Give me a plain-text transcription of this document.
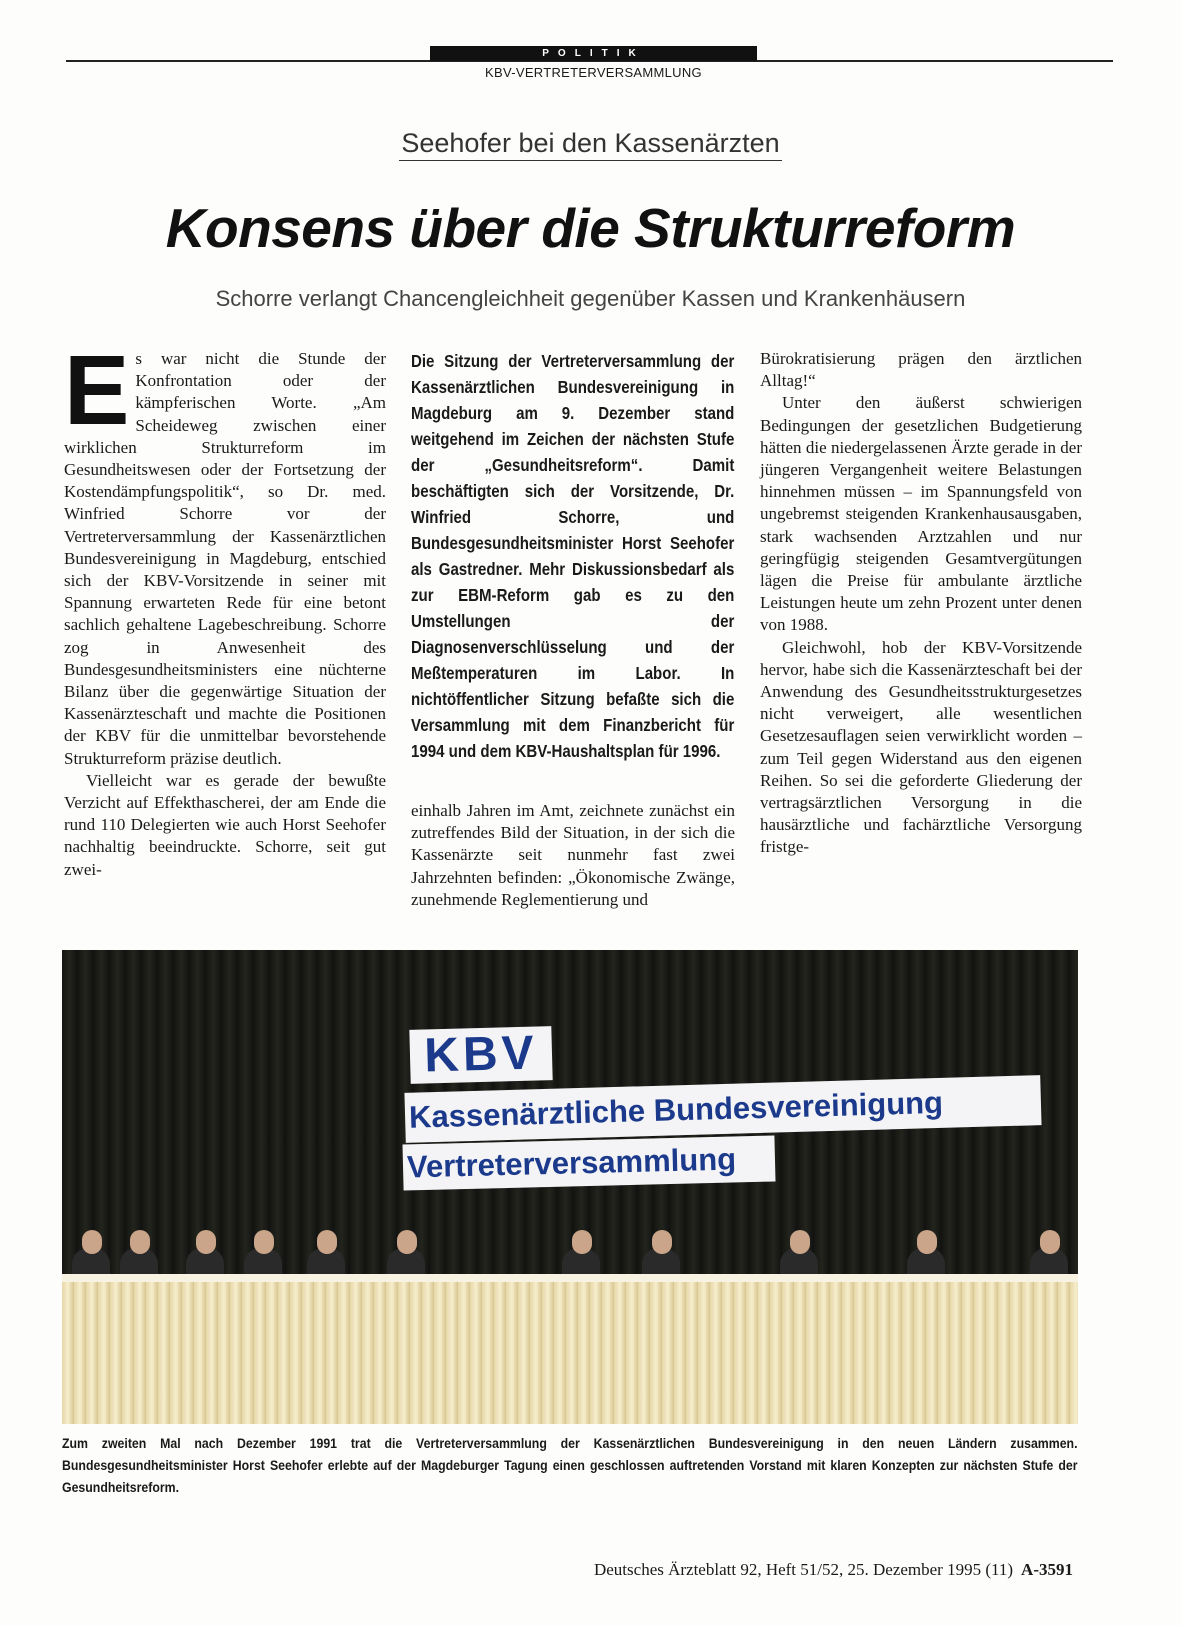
POLITIK
KBV-VERTRETERVERSAMMLUNG
Seehofer bei den Kassenärzten
Konsens über die Strukturreform
Schorre verlangt Chancengleichheit gegenüber Kassen und Krankenhäusern

Es war nicht die Stunde der Konfrontation oder der kämpferischen Worte. „Am Scheideweg zwischen einer wirklichen Strukturreform im Gesundheitswesen oder der Fortsetzung der Kostendämpfungspolitik“, so Dr. med. Winfried Schorre vor der Vertreterversammlung der Kassenärztlichen Bundesvereinigung in Magdeburg, entschied sich der KBV-Vorsitzende in seiner mit Spannung erwarteten Rede für eine betont sachlich gehaltene Lagebeschreibung. Schorre zog in Anwesenheit des Bundesgesundheitsministers eine nüchterne Bilanz über die gegenwärtige Situation der Kassenärzteschaft und machte die Positionen der KBV für die unmittelbar bevorstehende Strukturreform präzise deutlich.

Vielleicht war es gerade der bewußte Verzicht auf Effekthascherei, der am Ende die rund 110 Delegierten wie auch Horst Seehofer nachhaltig beeindruckte. Schorre, seit gut zwei-

Die Sitzung der Vertreterversammlung der Kassenärztlichen Bundesvereinigung in Magdeburg am 9. Dezember stand weitgehend im Zeichen der nächsten Stufe der „Gesundheitsreform“. Damit beschäftigten sich der Vorsitzende, Dr. Winfried Schorre, und Bundesgesundheitsminister Horst Seehofer als Gastredner. Mehr Diskussionsbedarf als zur EBM-Reform gab es zu den Umstellungen der Diagnosenverschlüsselung und der Meßtemperaturen im Labor. In nichtöffentlicher Sitzung befaßte sich die Versammlung mit dem Finanzbericht für 1994 und dem KBV-Haushaltsplan für 1996.

einhalb Jahren im Amt, zeichnete zunächst ein zutreffendes Bild der Situation, in der sich die Kassenärzte seit nunmehr fast zwei Jahrzehnten befinden: „Ökonomische Zwänge, zunehmende Reglementierung und

Bürokratisierung prägen den ärztlichen Alltag!“

Unter den äußerst schwierigen Bedingungen der gesetzlichen Budgetierung hätten die niedergelassenen Ärzte gerade in der jüngeren Vergangenheit weitere Belastungen hinnehmen müssen – im Spannungsfeld von ungebremst steigenden Krankenhausausgaben, stark wachsenden Arztzahlen und nur geringfügig steigenden Gesamtvergütungen lägen die Preise für ambulante ärztliche Leistungen heute um zehn Prozent unter denen von 1988.

Gleichwohl, hob der KBV-Vorsitzende hervor, habe sich die Kassenärzteschaft bei der Anwendung des Gesundheitsstrukturgesetzes nicht verweigert, alle wesentlichen Gesetzesauflagen seien verwirklicht worden – zum Teil gegen Widerstand aus den eigenen Reihen. So sei die geforderte Gliederung der vertragsärztlichen Versorgung in die hausärztliche und fachärztliche Versorgung fristge-

KBV
Kassenärztliche Bundesvereinigung
Vertreterversammlung
Zum zweiten Mal nach Dezember 1991 trat die Vertreterversammlung der Kassenärztlichen Bundesvereinigung in den neuen Ländern zusammen. Bundesgesundheitsminister Horst Seehofer erlebte auf der Magdeburger Tagung einen geschlossen auftretenden Vorstand mit klaren Konzepten zur nächsten Stufe der Gesundheitsreform.
Deutsches Ärzteblatt 92, Heft 51/52, 25. Dezember 1995 (11) A-3591
